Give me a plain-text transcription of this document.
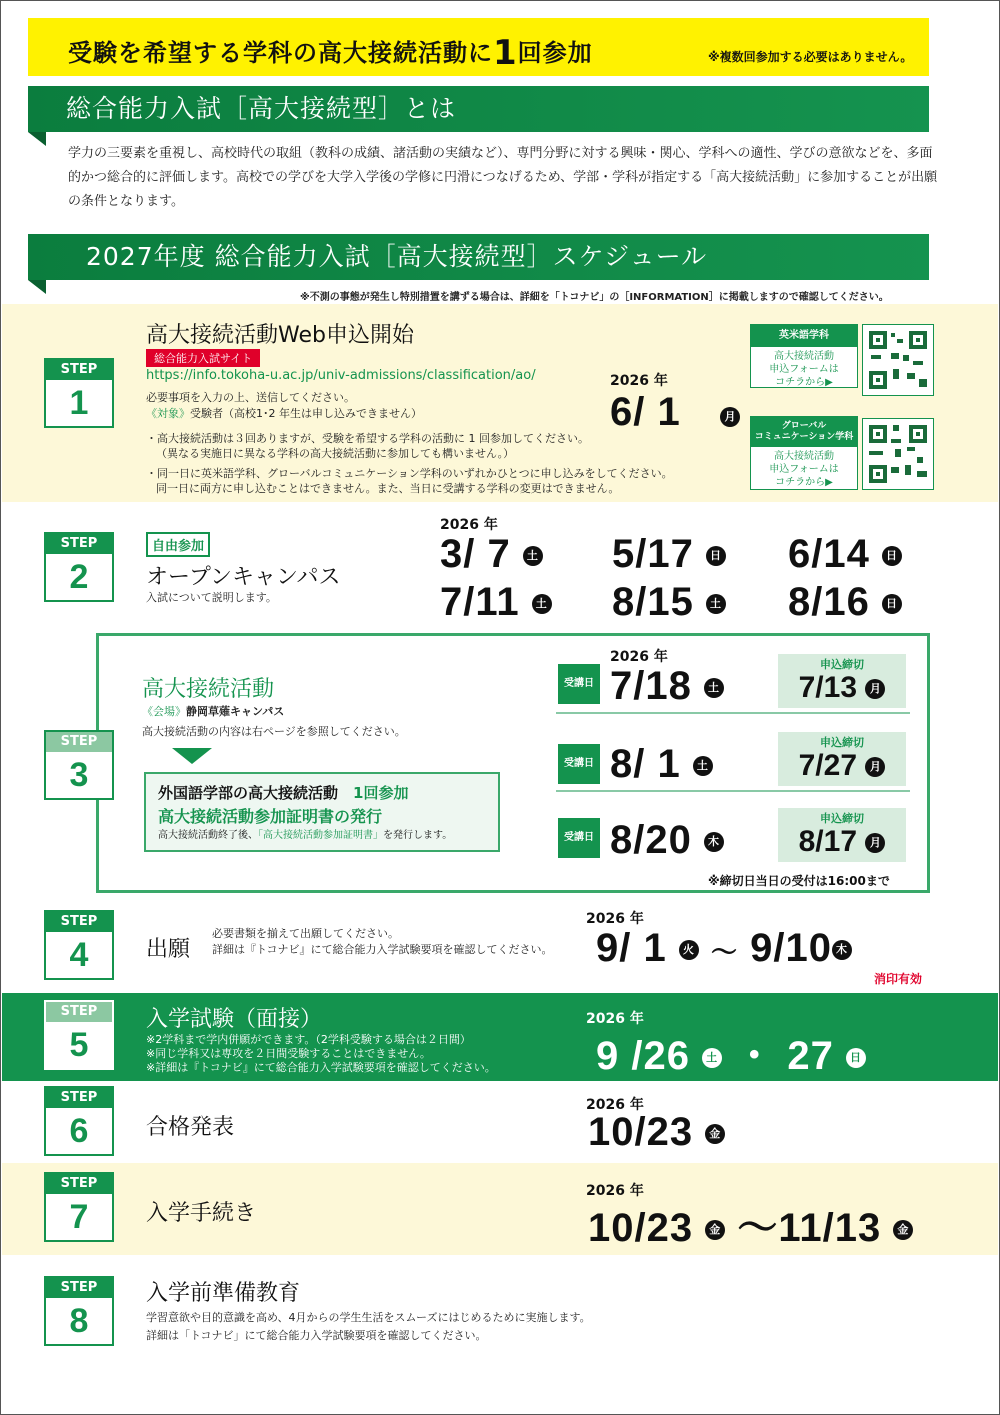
受験を希望する学科の高大接続活動に1回参加	※複数回参加する必要はありません。
総合能力入試［高大接続型］とは
学力の三要素を重視し、高校時代の取組（教科の成績、諸活動の実績など）、専門分野に対する興味・関心、学科への適性、学びの意欲などを、多面的かつ総合的に評価します。高校での学びを大学入学後の学修に円滑につなげるため、学部・学科が指定する「高大接続活動」に参加することが出願の条件となります。
2027年度 総合能力入試［高大接続型］スケジュール
※不測の事態が発生し特別措置を講ずる場合は、詳細を「トコナビ」の［INFORMATION］に掲載しますので確認してください。
STEP
1
高大接続活動Web申込開始
総合能力入試サイト
https://info.tokoha-u.ac.jp/univ-admissions/classification/ao/
必要事項を入力の上、送信してください。
《対象》受験者（高校1･2 年生は申し込みできません）
・高大接続活動は３回ありますが、受験を希望する学科の活動に 1 回参加してください。
（異なる実施日に異なる学科の高大接続活動に参加しても構いません。）
・同一日に英米語学科、グローバルコミュニケーション学科のいずれかひとつに申し込みをしてください。
同一日に両方に申し込むことはできません。また、当日に受講する学科の変更はできません。
2026 年
6/ 1	月
英米語学科
高大接続活動
申込フォームは
コチラから▶
グローバル
コミュニケーション学科
高大接続活動
申込フォームは
コチラから▶
STEP
2
自由参加
オープンキャンパス
入試について説明します。
2026 年
3/ 7 土 5/17 日 6/14 日
7/11 土 8/15 土 8/16 日
STEP
3
高大接続活動
《会場》静岡草薙キャンパス
高大接続活動の内容は右ページを参照してください。
外国語学部の高大接続活動　 1回参加
高大接続活動参加証明書の発行
高大接続活動終了後、「高大接続活動参加証明書」を発行します。
2026 年
受講日 7/18 土
申込締切
7/13 月
受講日 8/ 1 土
申込締切
7/27 月
受講日 8/20 木
申込締切
8/17 月
※締切日当日の受付は16:00まで
STEP
4	出願
必要書類を揃えて出願してください。
詳細は『トコナビ』にて総合能力入学試験要項を確認してください。
2026 年
9/ 1 火 ～ 9/10 木
消印有効
STEP
5
入学試験（面接）
※2学科まで学内併願ができます。（2学科受験する場合は２日間）
※同じ学科又は専攻を２日間受験することはできません。
※詳細は『トコナビ』にて総合能力入学試験要項を確認してください。
2026 年
9 /26 土 ・ 27 日
STEP
6	合格発表
2026 年
10/23 金
STEP
7	入学手続き
2026 年
10/23 金 ～11/13 金
STEP
8
入学前準備教育
学習意欲や目的意識を高め、4月からの学生生活をスムーズにはじめるために実施します。
詳細は「トコナビ」にて総合能力入学試験要項を確認してください。
